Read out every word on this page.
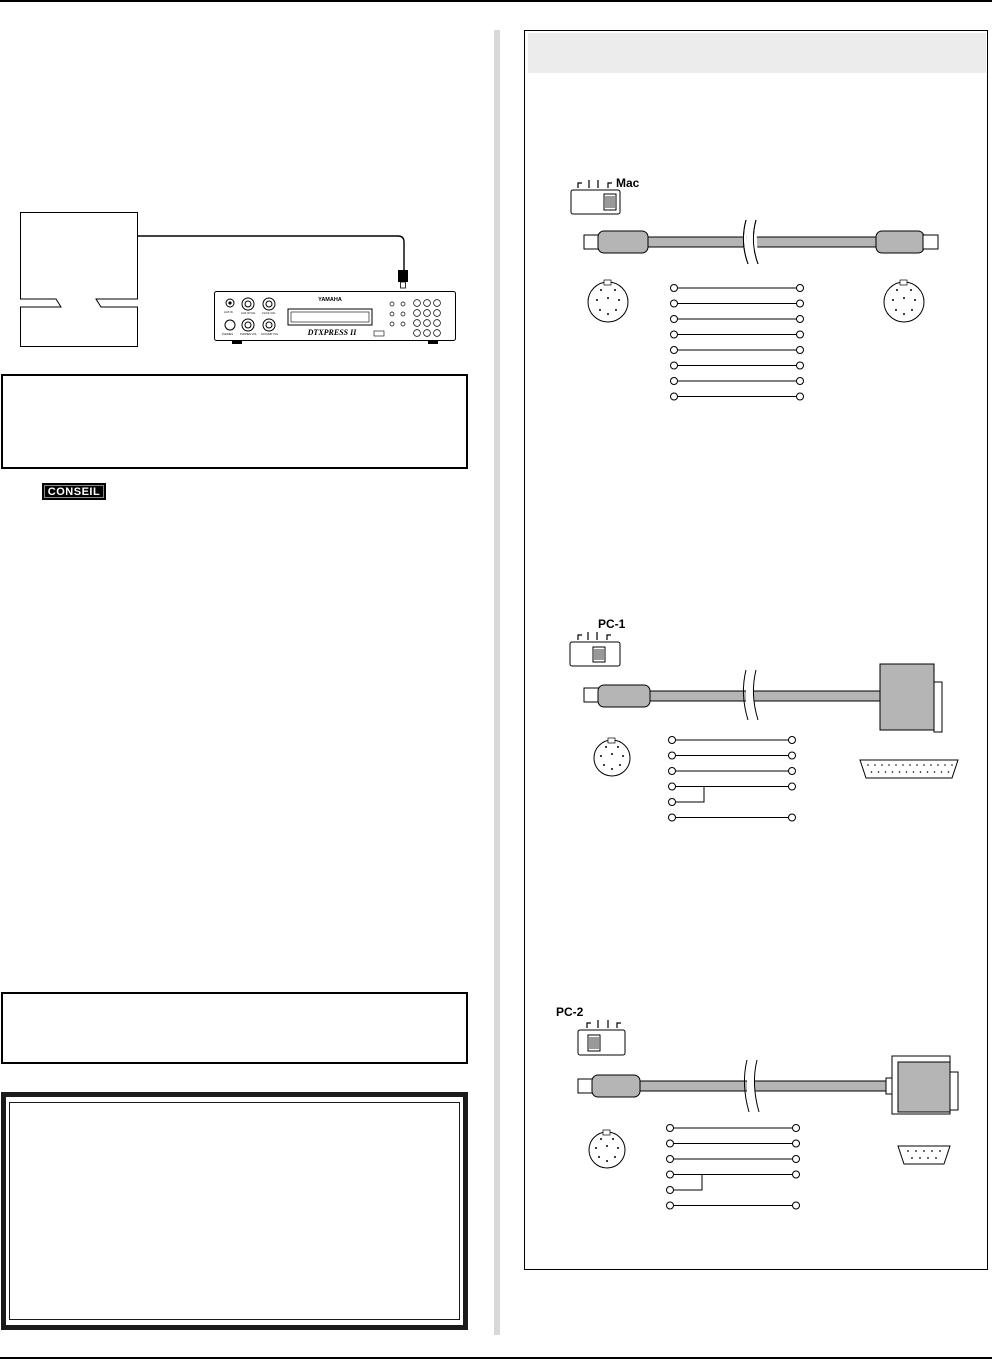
AUX IN	AUX IN VOL CLICK VOL
PHONES	PHONES VOL ACCOMP VOL
YAMAHA
DTXPRESS II
CONSEIL
Mac
PC-1
PC-2
